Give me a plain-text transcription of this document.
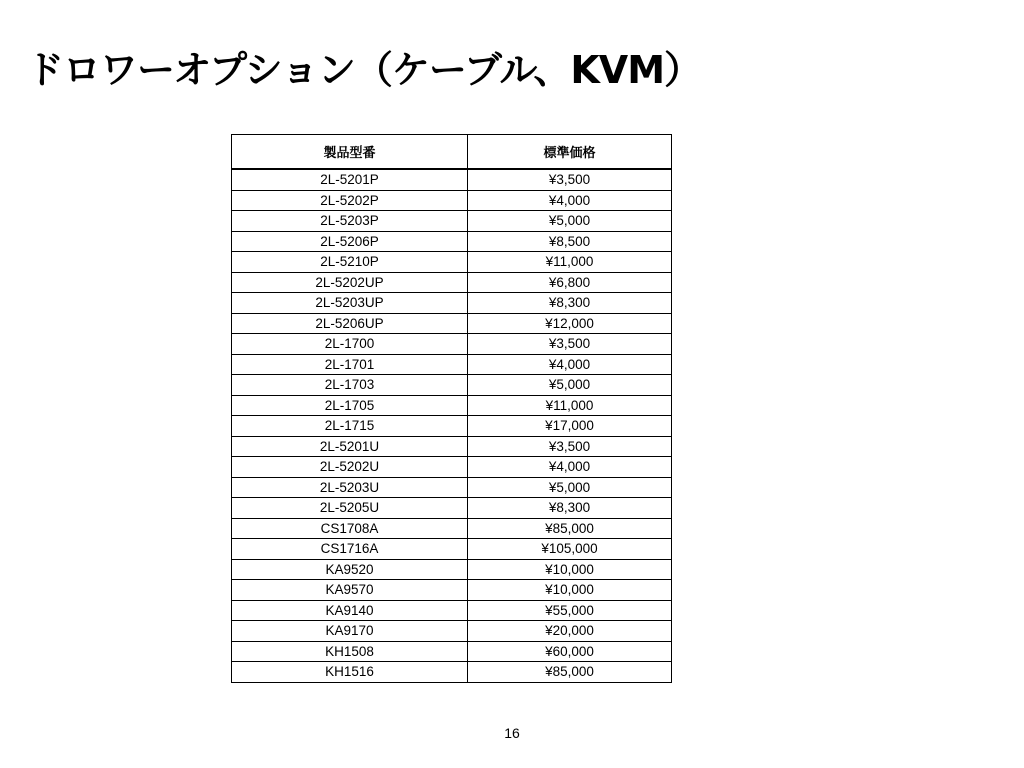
ドロワーオプション（ケーブル、KVM）
製品型番	標準価格
2L-5201P	¥3,500
2L-5202P	¥4,000
2L-5203P	¥5,000
2L-5206P	¥8,500
2L-5210P	¥11,000
2L-5202UP	¥6,800
2L-5203UP	¥8,300
2L-5206UP	¥12,000
2L-1700	¥3,500
2L-1701	¥4,000
2L-1703	¥5,000
2L-1705	¥11,000
2L-1715	¥17,000
2L-5201U	¥3,500
2L-5202U	¥4,000
2L-5203U	¥5,000
2L-5205U	¥8,300
CS1708A	¥85,000
CS1716A	¥105,000
KA9520	¥10,000
KA9570	¥10,000
KA9140	¥55,000
KA9170	¥20,000
KH1508	¥60,000
KH1516	¥85,000
16
